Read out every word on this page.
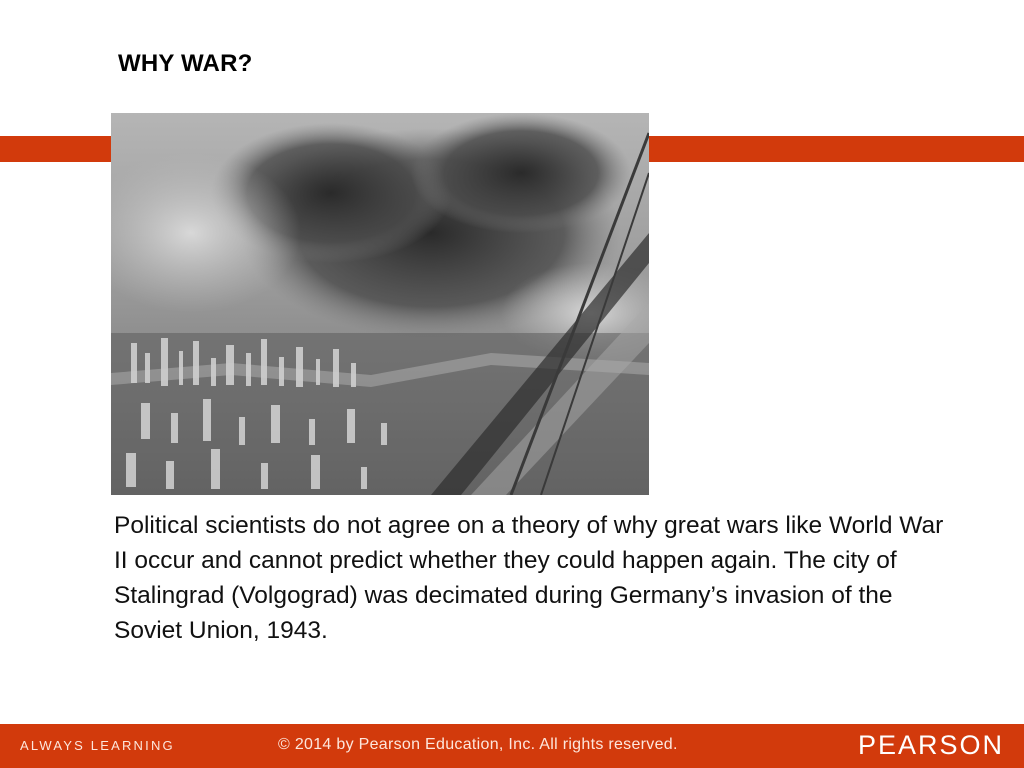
WHY WAR?
Political scientists do not agree on a theory of why great wars like World War II occur and cannot predict whether they could happen again. The city of Stalingrad (Volgograd) was decimated during Germany’s invasion of the Soviet Union, 1943.
ALWAYS LEARNING	© 2014 by Pearson Education, Inc. All rights reserved.	PEARSON
